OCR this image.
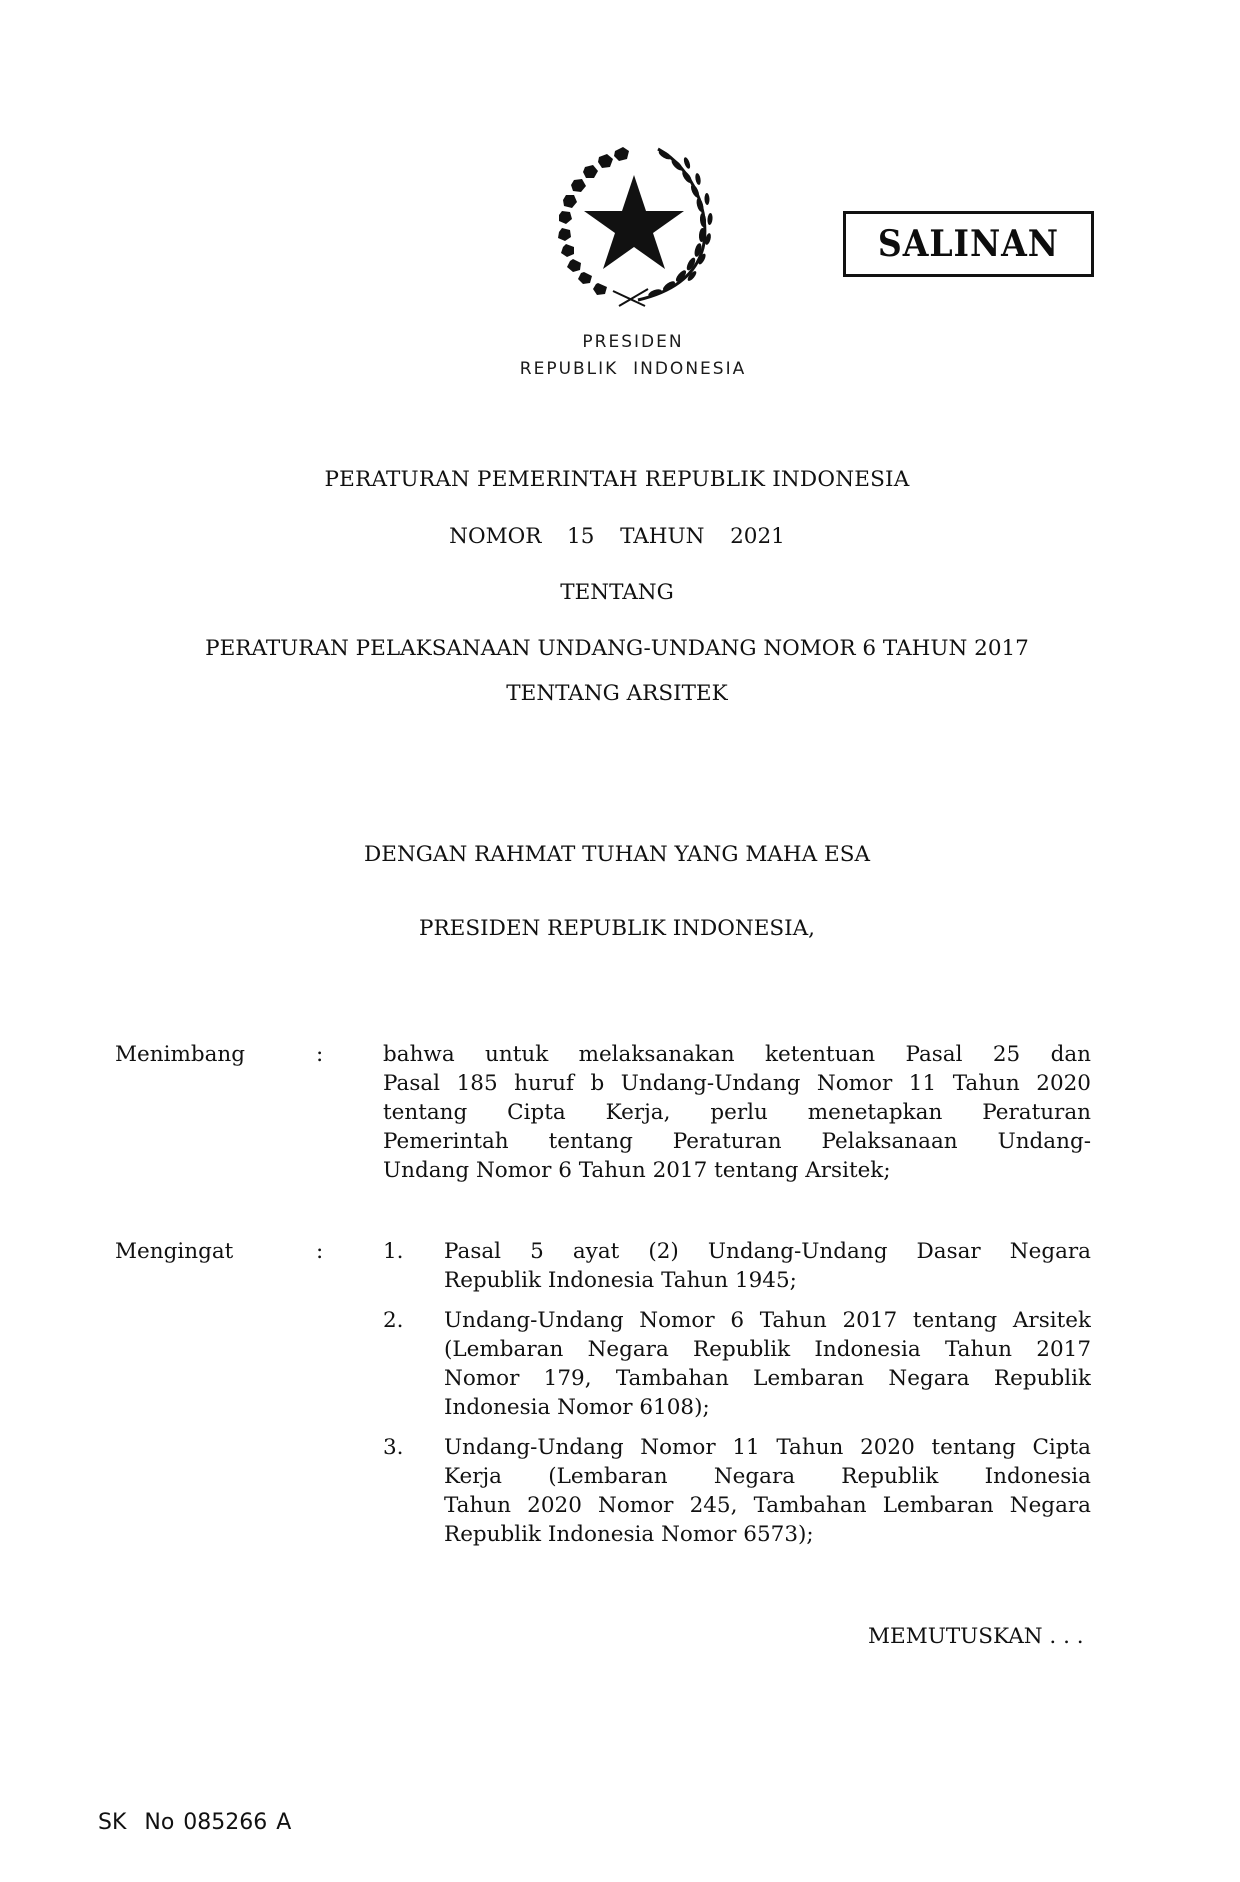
PRESIDEN
REPUBLIK  INDONESIA
SALINAN
PERATURAN PEMERINTAH REPUBLIK INDONESIA
NOMOR  15  TAHUN  2021
TENTANG
PERATURAN PELAKSANAAN UNDANG-UNDANG NOMOR 6 TAHUN 2017
TENTANG ARSITEK
DENGAN RAHMAT TUHAN YANG MAHA ESA
PRESIDEN REPUBLIK INDONESIA,
Menimbang	:	bahwa untuk melaksanakan ketentuan Pasal 25 dan
Pasal 185 huruf b Undang-Undang Nomor 11 Tahun 2020
tentang Cipta Kerja, perlu menetapkan Peraturan
Pemerintah tentang Peraturan Pelaksanaan Undang-
Undang Nomor 6 Tahun 2017 tentang Arsitek;
Mengingat	:	1. Pasal 5 ayat (2) Undang-Undang Dasar Negara
Republik Indonesia Tahun 1945;
2. Undang-Undang Nomor 6 Tahun 2017 tentang Arsitek
(Lembaran Negara Republik Indonesia Tahun 2017
Nomor 179, Tambahan Lembaran Negara Republik
Indonesia Nomor 6108);
3. Undang-Undang Nomor 11 Tahun 2020 tentang Cipta
Kerja (Lembaran Negara Republik Indonesia
Tahun 2020 Nomor 245, Tambahan Lembaran Negara
Republik Indonesia Nomor 6573);
MEMUTUSKAN . . .
SK  No 085266 A
